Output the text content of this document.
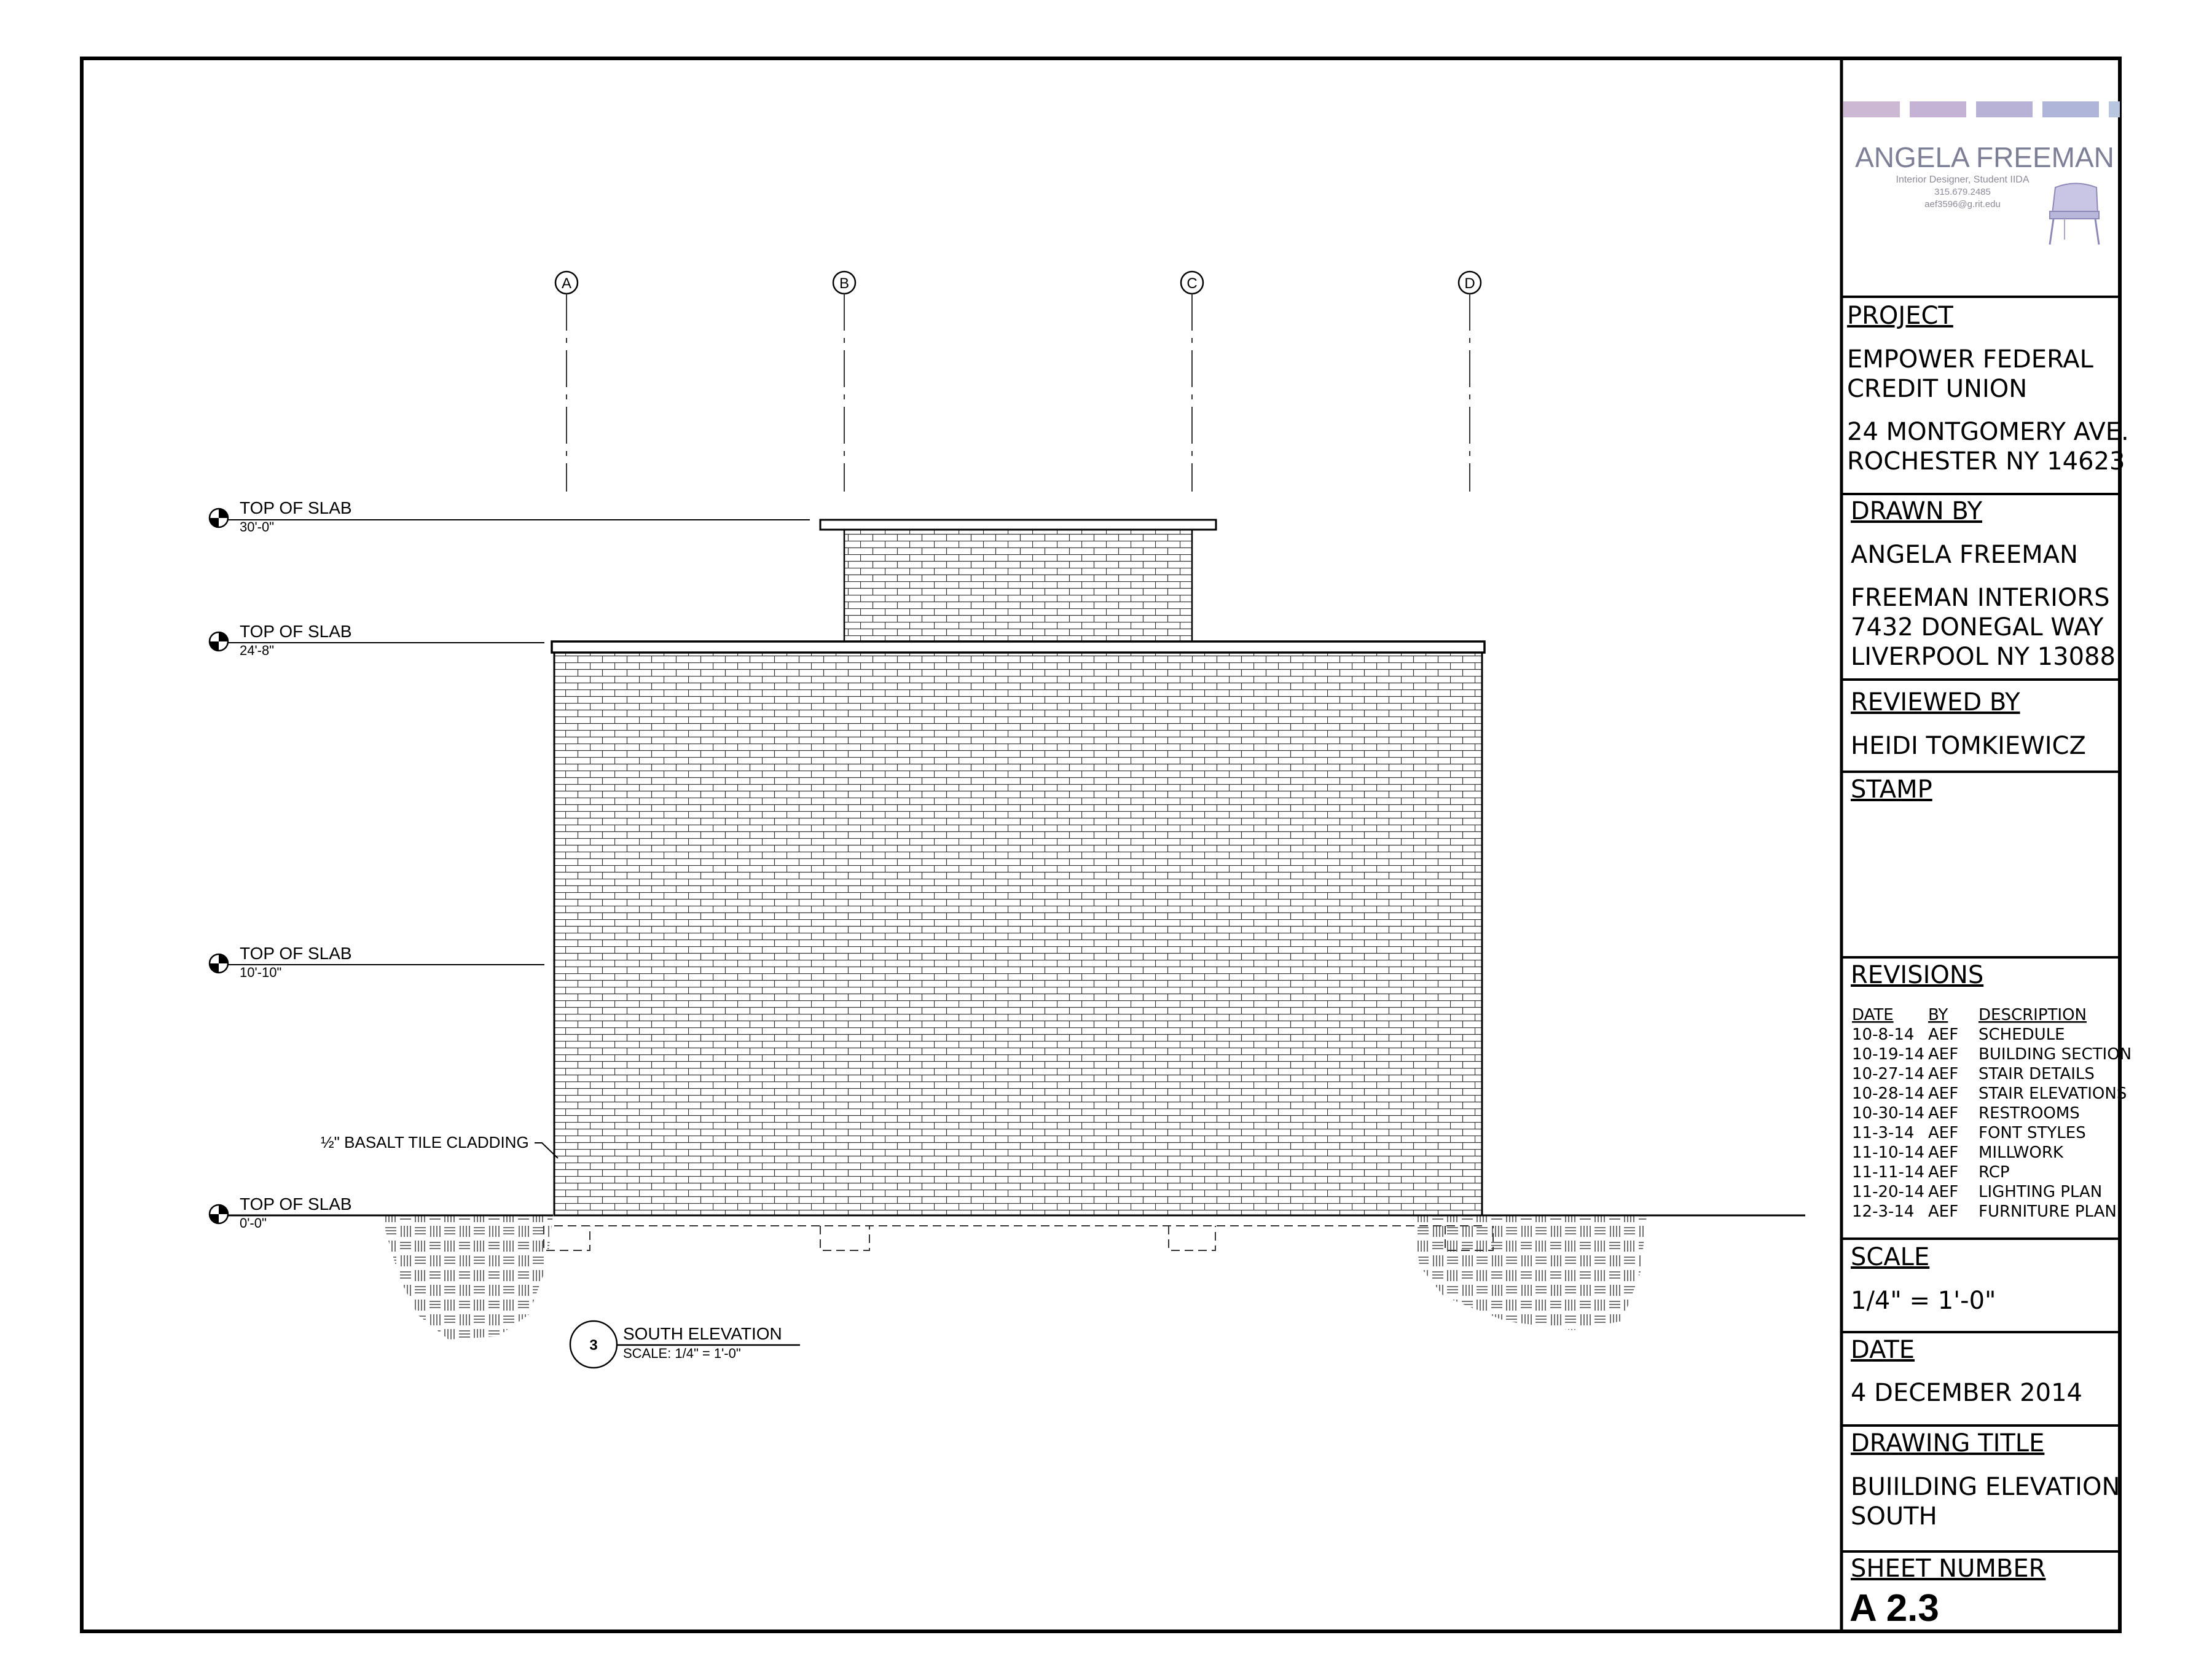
A	B	C	D
TOP OF SLAB
30'-0"
TOP OF SLAB
24'-8"
TOP OF SLAB
10'-10"
TOP OF SLAB
0'-0"
½" BASALT TILE CLADDING
3
SOUTH ELEVATION
SCALE: 1/4" = 1'-0"
ANGELA FREEMAN
Interior Designer, Student IIDA
315.679.2485
aef3596@g.rit.edu
PROJECT
EMPOWER FEDERAL
CREDIT UNION
24 MONTGOMERY AVE.
ROCHESTER NY 14623
DRAWN BY
ANGELA FREEMAN
FREEMAN INTERIORS
7432 DONEGAL WAY
LIVERPOOL NY 13088
REVIEWED BY
HEIDI TOMKIEWICZ
STAMP
REVISIONS
DATE BY DESCRIPTION
10-8-14 AEF SCHEDULE
10-19-14 AEF BUILDING SECTION
10-27-14 AEF STAIR DETAILS
10-28-14 AEF STAIR ELEVATIONS
10-30-14 AEF RESTROOMS
11-3-14 AEF FONT STYLES
11-10-14 AEF MILLWORK
11-11-14 AEF RCP
11-20-14 AEF LIGHTING PLAN
12-3-14 AEF FURNITURE PLAN
SCALE
1/4" = 1'-0"
DATE
4 DECEMBER 2014
DRAWING TITLE
BUIILDING ELEVATION
SOUTH
SHEET NUMBER
A 2.3
